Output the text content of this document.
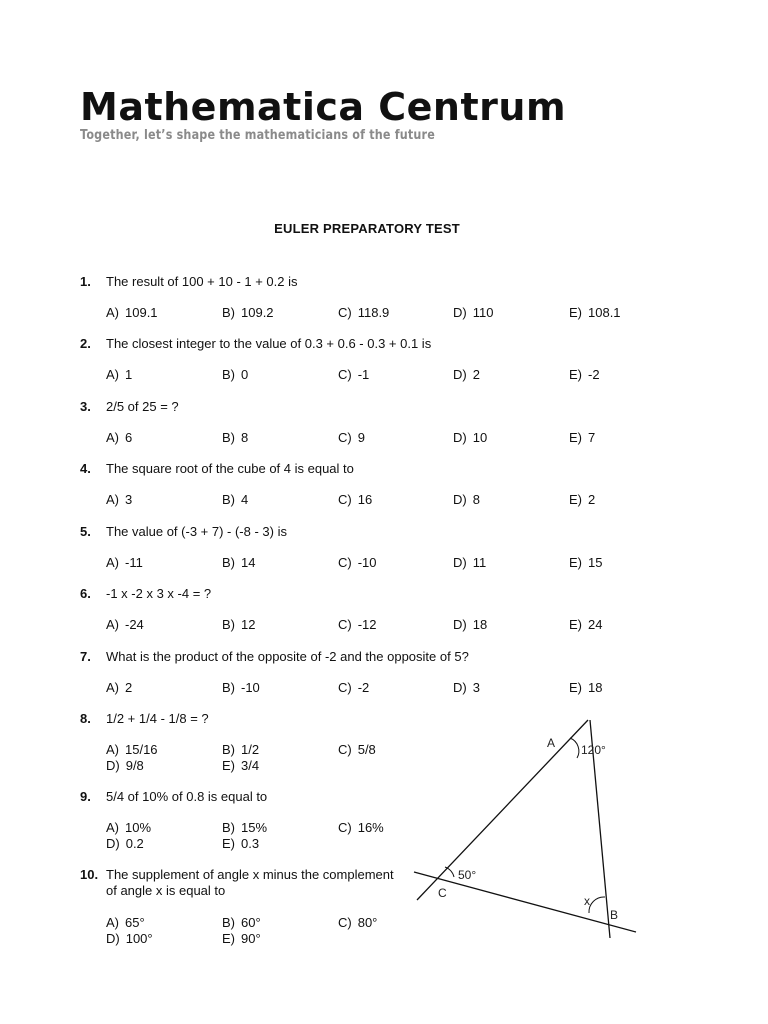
Mathematica Centrum
Together, let’s shape the mathematicians of the future
EULER PREPARATORY TEST
1. The result of 100 + 10 - 1 + 0.2 is
2. The closest integer to the value of 0.3 + 0.6 - 0.3 + 0.1 is
3. 2/5 of 25 = ?
4. The square root of the cube of 4 is equal to
5. The value of (-3 + 7) - (-8 - 3) is
6. -1 x -2 x 3 x -4 = ?
7. What is the product of the opposite of -2 and the opposite of 5?
8. 1/2 + 1/4 - 1/8 = ?
9. 5/4 of 10% of 0.8 is equal to
10. The supplement of angle x minus the complement of angle x is equal to
A 120°
C
50°
B
x
A) 109.1	B) 109.2	C) 118.9	D) 110	E) 108.1
A) 1	B) 0	C) -1	D) 2	E) -2
A) 6	B) 8	C) 9	D) 10	E) 7
A) 3	B) 4	C) 16	D) 8	E) 2
A) -11	B) 14	C) -10	D) 11	E) 15
A) -24	B) 12	C) -12	D) 18	E) 24
A) 2	B) -10	C) -2	D) 3	E) 18
A) 15/16	B) 1/2	C) 5/8
D) 9/8	E) 3/4
A) 10%	B) 15%	C) 16%
D) 0.2	E) 0.3
A) 65°	B) 60°	C) 80°
D) 100°	E) 90°
